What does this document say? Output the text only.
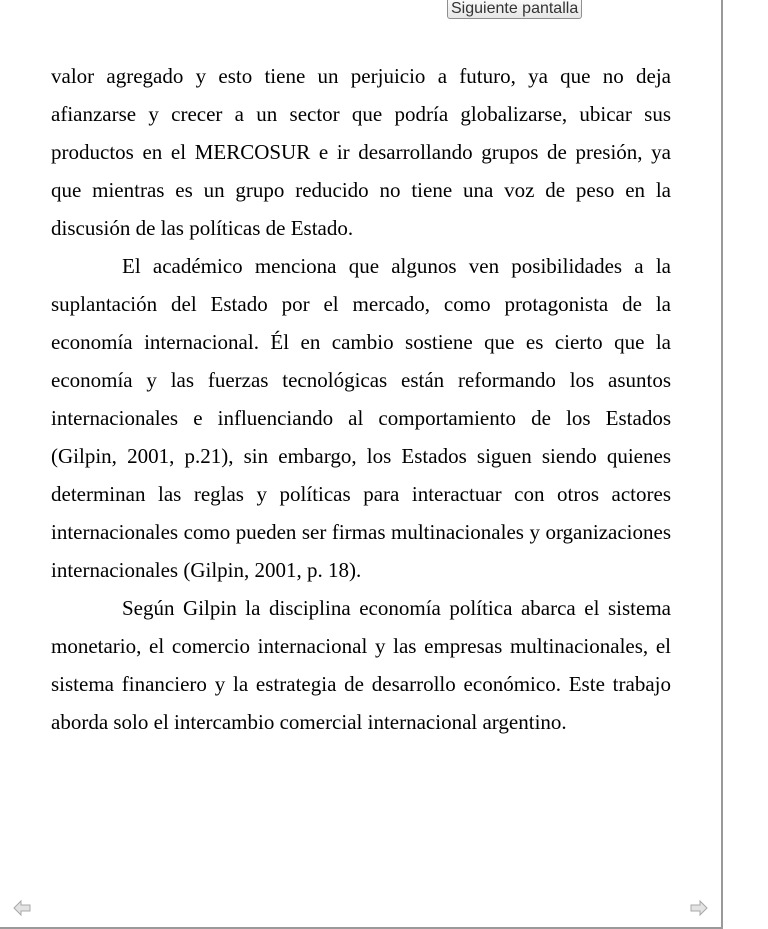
Siguiente pantalla

valor agregado y esto tiene un perjuicio a futuro, ya que no deja afianzarse y crecer a un sector que podría globalizarse, ubicar sus productos en el MERCOSUR e ir desarrollando grupos de presión, ya que mientras es un grupo reducido no tiene una voz de peso en la discusión de las políticas de Estado.

El académico menciona que algunos ven posibilidades a la suplantación del Estado por el mercado, como protagonista de la economía internacional. Él en cambio sostiene que es cierto que la economía y las fuerzas tecnológicas están reformando los asuntos internacionales e influenciando al comportamiento de los Estados (Gilpin, 2001, p.21), sin embargo, los Estados siguen siendo quienes determinan las reglas y políticas para interactuar con otros actores internacionales como pueden ser firmas multinacionales y organizaciones internacionales (Gilpin, 2001, p. 18).

Según Gilpin la disciplina economía política abarca el sistema monetario, el comercio internacional y las empresas multinacionales, el sistema financiero y la estrategia de desarrollo económico. Este trabajo aborda solo el intercambio comercial internacional argentino.
